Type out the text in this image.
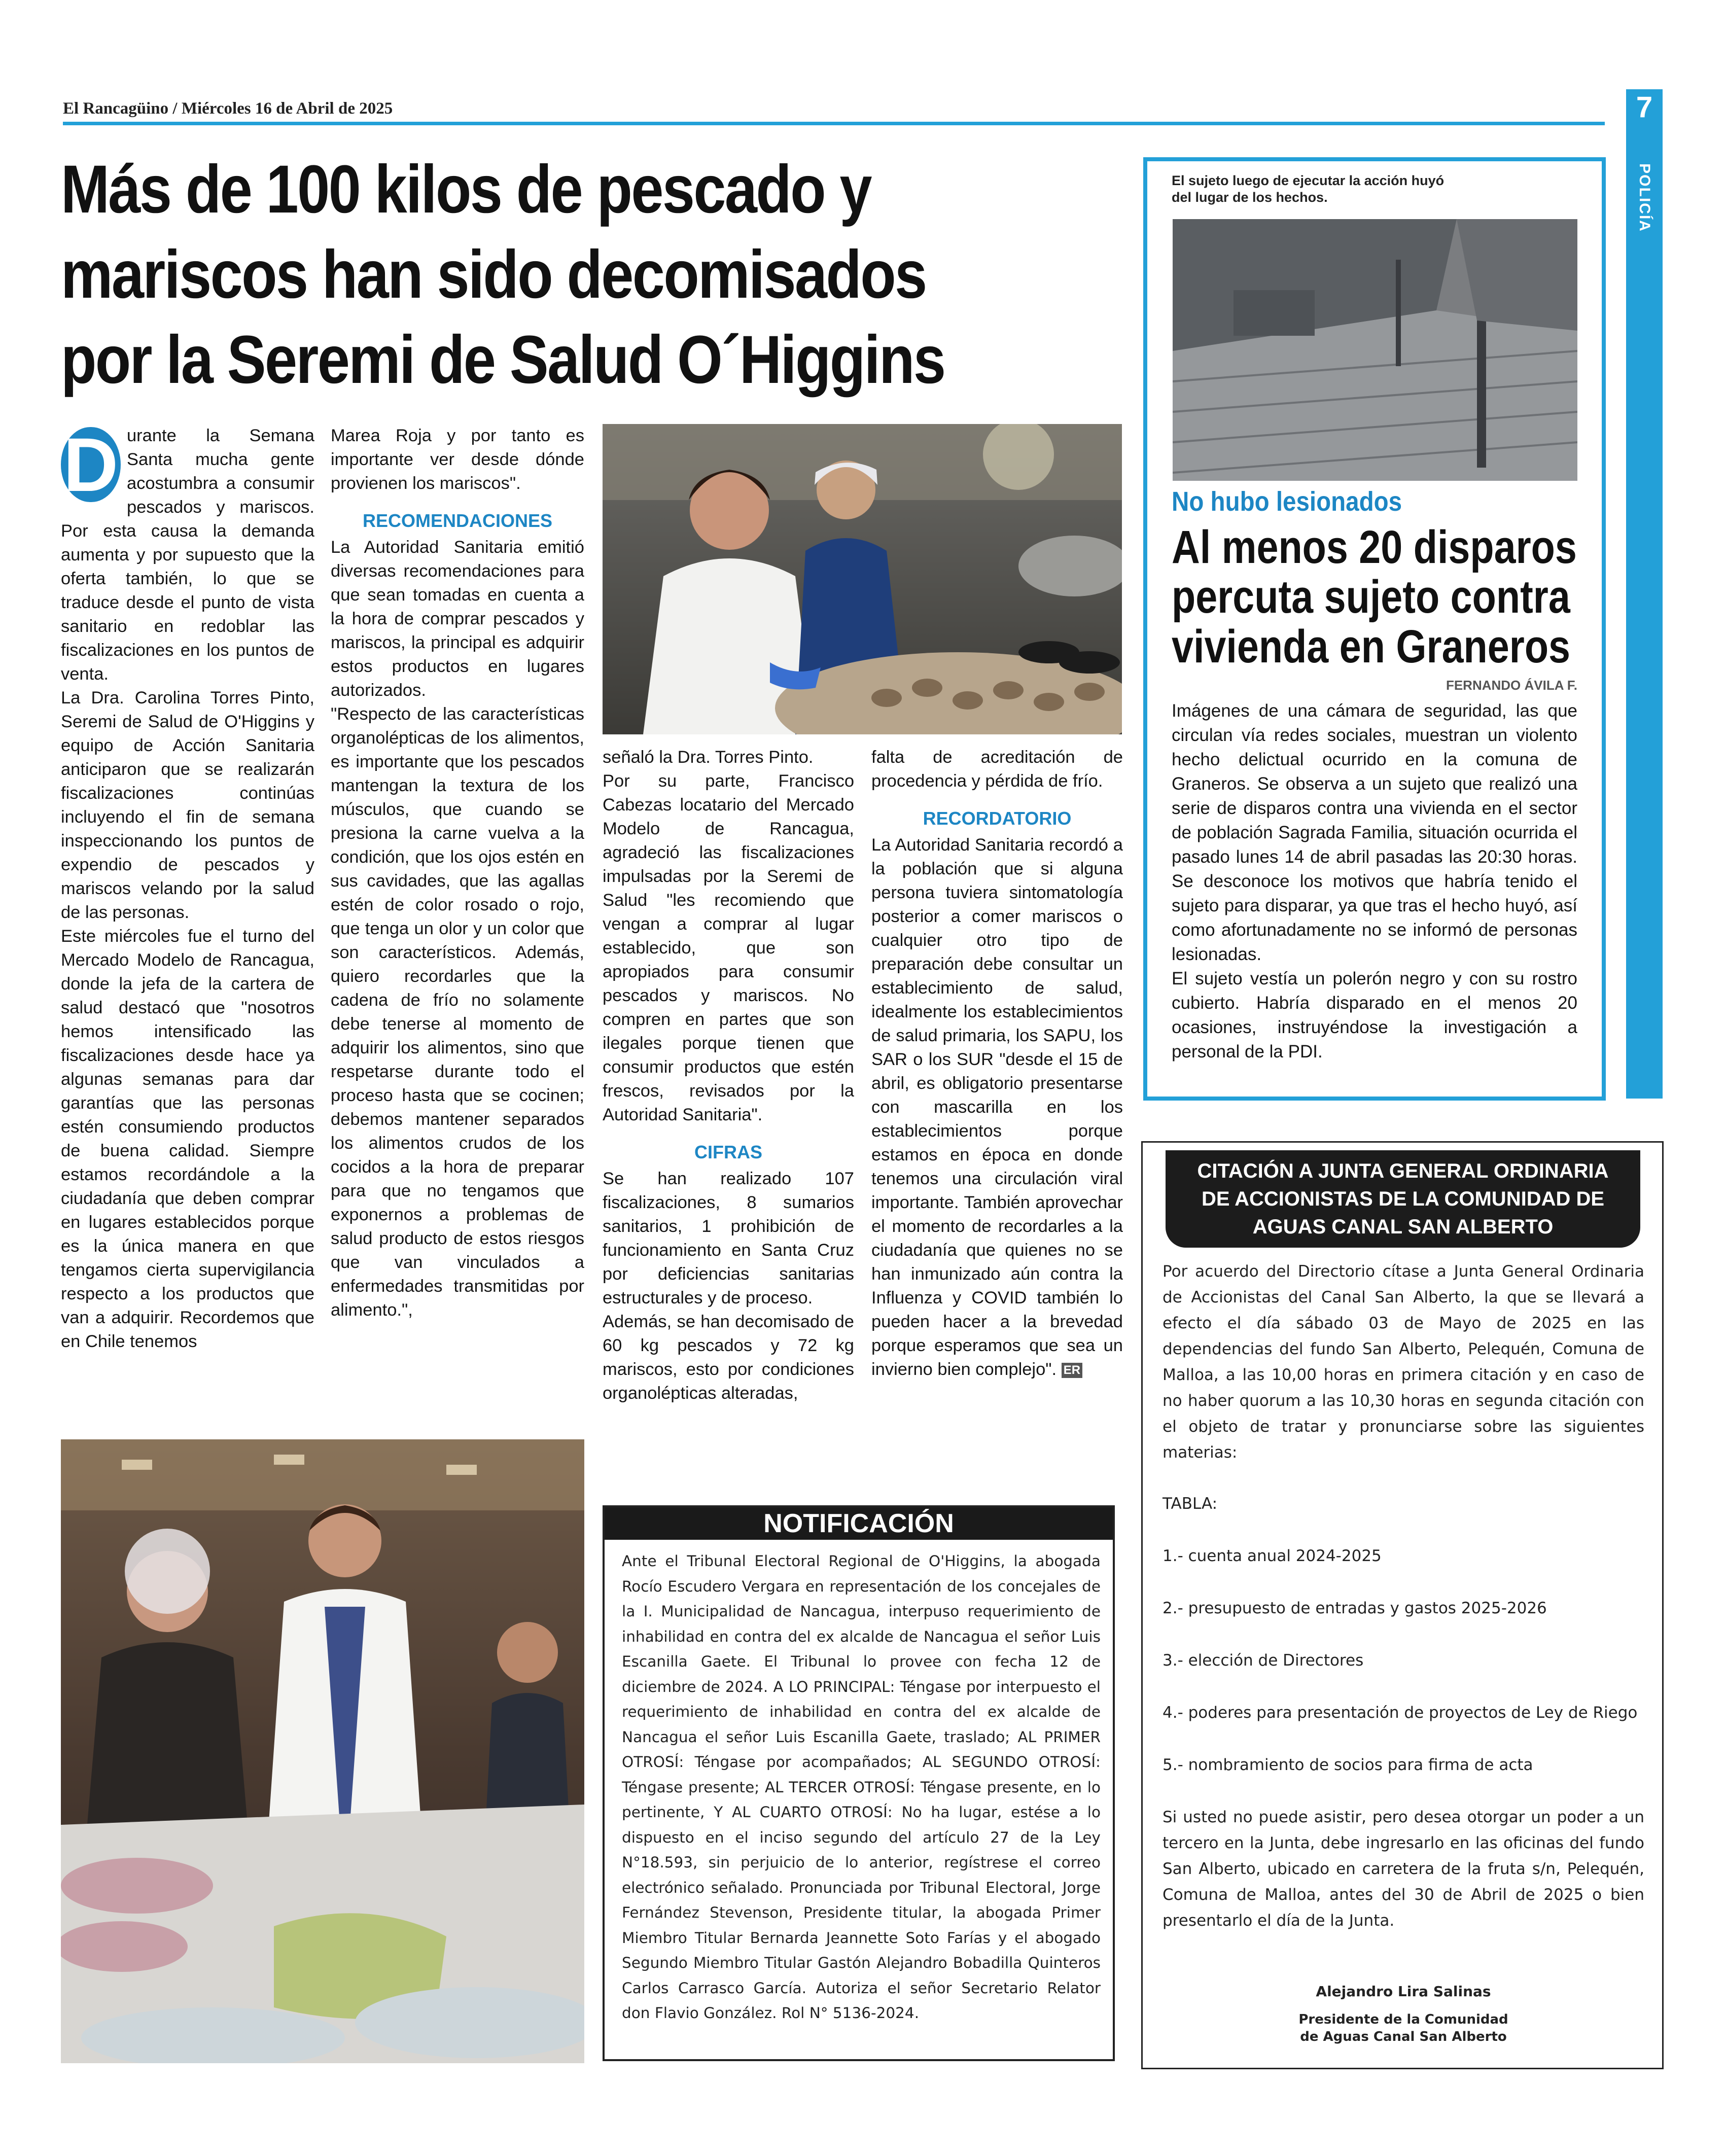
El Rancagüino / Miércoles 16 de Abril de 2025	7
POLICÍA
Más de 100 kilos de pescado y
mariscos han sido decomisados
por la Seremi de Salud O´Higgins

D urante la Semana Santa mucha gente acostumbra a consumir pescados y mariscos. Por esta causa la demanda aumenta y por supuesto que la oferta también, lo que se traduce desde el punto de vista sanitario en redoblar las fiscalizaciones en los puntos de venta.

La Dra. Carolina Torres Pinto, Seremi de Salud de O'Higgins y equipo de Acción Sanitaria anticiparon que se realizarán fiscalizaciones continúas incluyendo el fin de semana inspeccionando los puntos de expendio de pescados y mariscos velando por la salud de las personas.

Este miércoles fue el turno del Mercado Modelo de Rancagua, donde la jefa de la cartera de salud destacó que "nosotros hemos intensificado las fiscalizaciones desde hace ya algunas semanas para dar garantías que las personas estén consumiendo productos de buena calidad. Siempre estamos recordándole a la ciudadanía que deben comprar en lugares establecidos porque es la única manera en que tengamos cierta supervigilancia respecto a los productos que van a adquirir. Recordemos que en Chile tenemos

Marea Roja y por tanto es importante ver desde dónde provienen los mariscos".

RECOMENDACIONES

La Autoridad Sanitaria emitió diversas recomendaciones para que sean tomadas en cuenta a la hora de comprar pescados y mariscos, la principal es adquirir estos productos en lugares autorizados.

"Respecto de las características organolépticas de los alimentos, es importante que los pescados mantengan la textura de los músculos, que cuando se presiona la carne vuelva a la condición, que los ojos estén en sus cavidades, que las agallas estén de color rosado o rojo, que tenga un olor y un color que son característicos. Además, quiero recordarles que la cadena de frío no solamente debe tenerse al momento de adquirir los alimentos, sino que respetarse durante todo el proceso hasta que se cocinen; debemos mantener separados los alimentos crudos de los cocidos a la hora de preparar para que no tengamos que exponernos a problemas de salud producto de estos riesgos que van vinculados a enfermedades transmitidas por alimento.",

señaló la Dra. Torres Pinto.

Por su parte, Francisco Cabezas locatario del Mercado Modelo de Rancagua, agradeció las fiscalizaciones impulsadas por la Seremi de Salud "les recomiendo que vengan a comprar al lugar establecido, que son apropiados para consumir pescados y mariscos. No compren en partes que son ilegales porque tienen que consumir productos que estén frescos, revisados por la Autoridad Sanitaria".

CIFRAS

Se han realizado 107 fiscalizaciones, 8 sumarios sanitarios, 1 prohibición de funcionamiento en Santa Cruz por deficiencias sanitarias estructurales y de proceso.

Además, se han decomisado de 60 kg pescados y 72 kg mariscos, esto por condiciones organolépticas alteradas,

falta de acreditación de procedencia y pérdida de frío.

RECORDATORIO

La Autoridad Sanitaria recordó a la población que si alguna persona tuviera sintomatología posterior a comer mariscos o cualquier otro tipo de preparación debe consultar un establecimiento de salud, idealmente los establecimientos de salud primaria, los SAPU, los SAR o los SUR "desde el 15 de abril, es obligatorio presentarse con mascarilla en los establecimientos porque estamos en época en donde tenemos una circulación viral importante. También aprovechar el momento de recordarles a la ciudadanía que quienes no se han inmunizado aún contra la Influenza y COVID también lo pueden hacer a la brevedad porque esperamos que sea un invierno bien complejo". ER

El sujeto luego de ejecutar la acción huyó del lugar de los hechos.
No hubo lesionados
Al menos 20 disparos
percuta sujeto contra
vivienda en Graneros
FERNANDO ÁVILA F.

Imágenes de una cámara de seguridad, las que circulan vía redes sociales, muestran un violento hecho delictual ocurrido en la comuna de Graneros. Se observa a un sujeto que realizó una serie de disparos contra una vivienda en el sector de población Sagrada Familia, situación ocurrida el pasado lunes 14 de abril pasadas las 20:30 horas. Se desconoce los motivos que habría tenido el sujeto para disparar, ya que tras el hecho huyó, así como afortunadamente no se informó de personas lesionadas.

El sujeto vestía un polerón negro y con su rostro cubierto. Habría disparado en el menos 20 ocasiones, instruyéndose la investigación a personal de la PDI.

CITACIÓN A JUNTA GENERAL ORDINARIA
DE ACCIONISTAS DE LA COMUNIDAD DE
AGUAS CANAL SAN ALBERTO

Por acuerdo del Directorio cítase a Junta General Ordinaria de Accionistas del Canal San Alberto, la que se llevará a efecto el día sábado 03 de Mayo de 2025 en las dependencias del fundo San Alberto, Pelequén, Comuna de Malloa, a las 10,00 horas en primera citación y en caso de no haber quorum a las 10,30 horas en segunda citación con el objeto de tratar y pronunciarse sobre las siguientes materias:

TABLA:

1.- cuenta anual 2024-2025

2.- presupuesto de entradas y gastos 2025-2026

3.- elección de Directores

4.- poderes para presentación de proyectos de Ley de Riego

5.- nombramiento de socios para firma de acta

Si usted no puede asistir, pero desea otorgar un poder a un tercero en la Junta, debe ingresarlo en las oficinas del fundo San Alberto, ubicado en carretera de la fruta s/n, Pelequén, Comuna de Malloa, antes del 30 de Abril de 2025 o bien presentarlo el día de la Junta.

Alejandro Lira Salinas
Presidente de la Comunidad
de Aguas Canal San Alberto
NOTIFICACIÓN
Ante el Tribunal Electoral Regional de O'Higgins, la abogada Rocío Escudero Vergara en representación de los concejales de la I. Municipalidad de Nancagua, interpuso requerimiento de inhabilidad en contra del ex alcalde de Nancagua el señor Luis Escanilla Gaete. El Tribunal lo provee con fecha 12 de diciembre de 2024. A LO PRINCIPAL: Téngase por interpuesto el requerimiento de inhabilidad en contra del ex alcalde de Nancagua el señor Luis Escanilla Gaete, traslado; AL PRIMER OTROSÍ: Téngase por acompañados; AL SEGUNDO OTROSÍ: Téngase presente; AL TERCER OTROSÍ: Téngase presente, en lo pertinente, Y AL CUARTO OTROSÍ: No ha lugar, estése a lo dispuesto en el inciso segundo del artículo 27 de la Ley N°18.593, sin perjuicio de lo anterior, regístrese el correo electrónico señalado. Pronunciada por Tribunal Electoral, Jorge Fernández Stevenson, Presidente titular, la abogada Primer Miembro Titular Bernarda Jeannette Soto Farías y el abogado Segundo Miembro Titular Gastón Alejandro Bobadilla Quinteros Carlos Carrasco García. Autoriza el señor Secretario Relator don Flavio González. Rol N° 5136-2024.
